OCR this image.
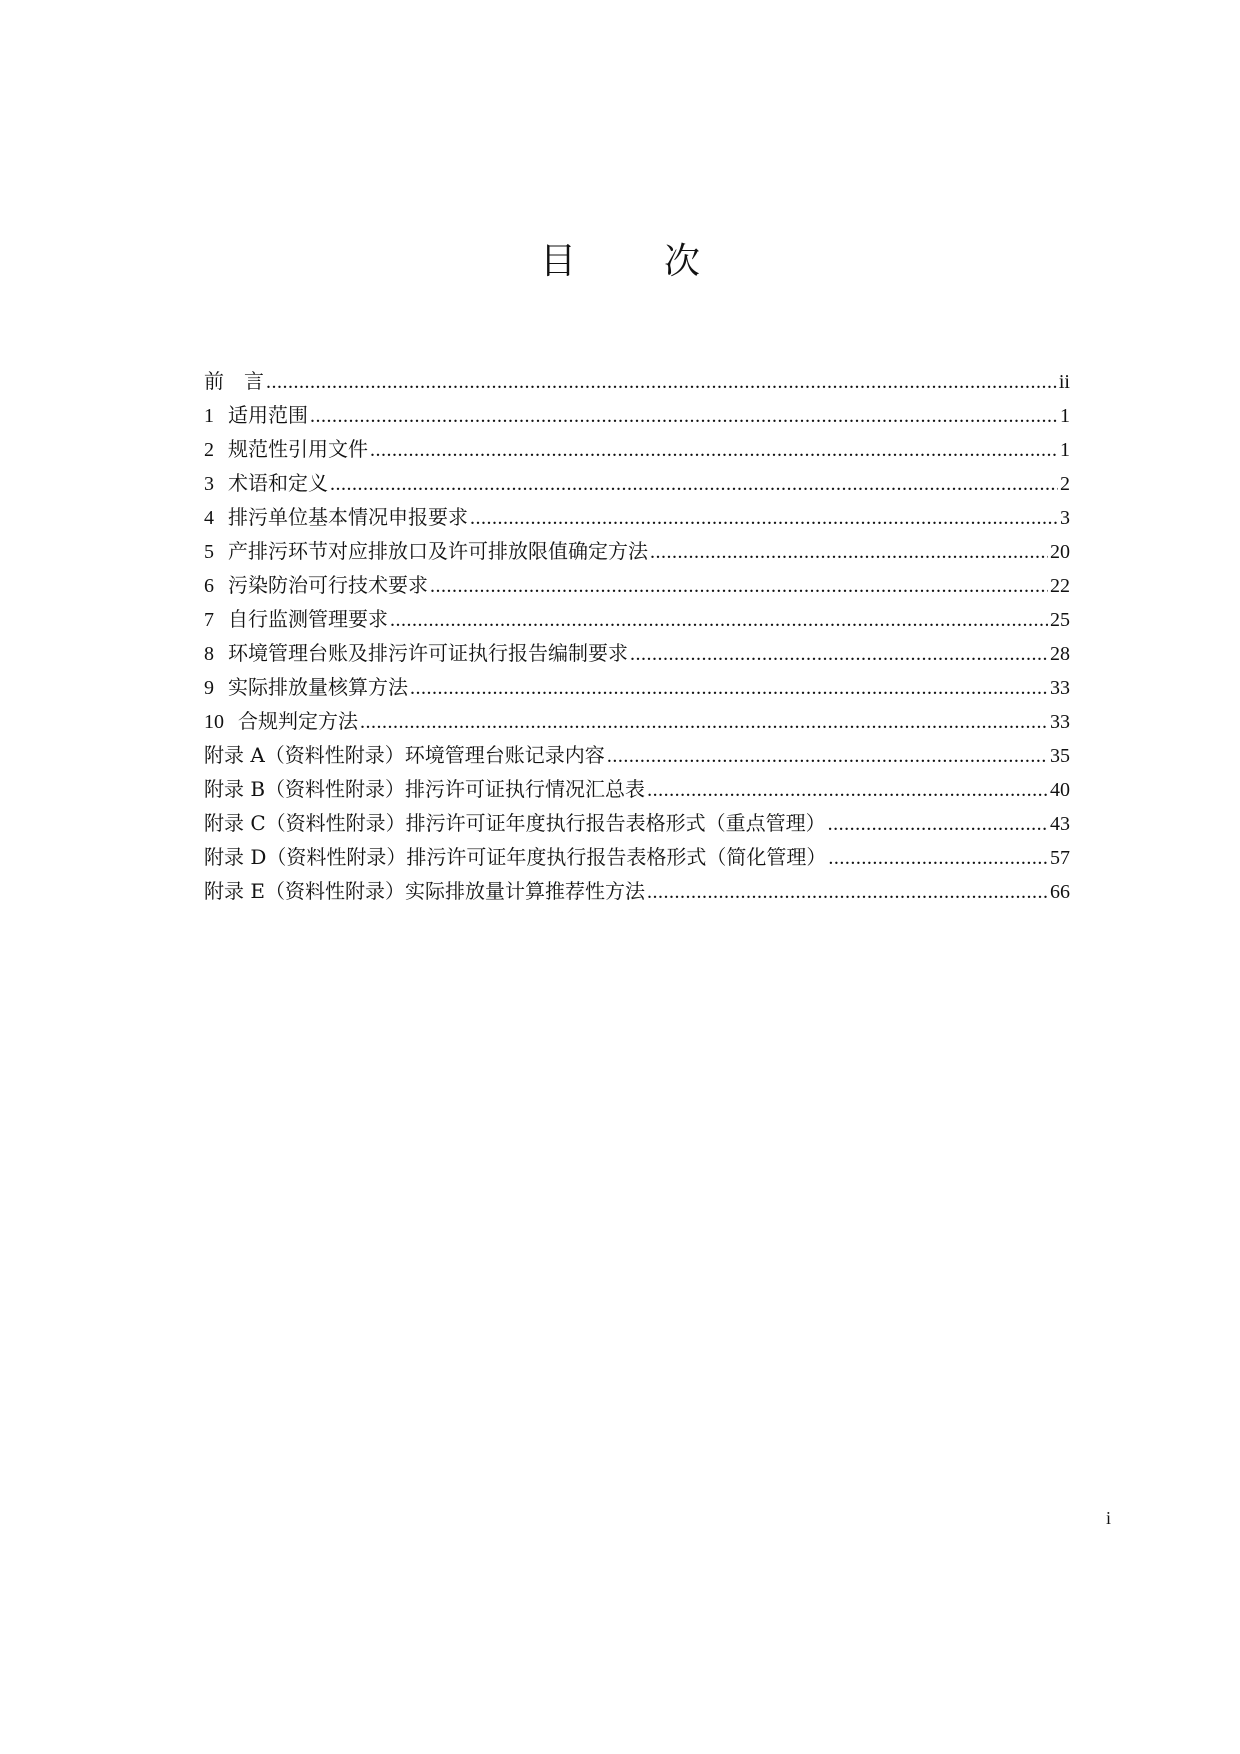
目　次
前　言 .....	ii
1 适用范围 .....	1
2 规范性引用文件 .....	1
3 术语和定义 .....	2
4 排污单位基本情况申报要求 .....	3
5 产排污环节对应排放口及许可排放限值确定方法 .....	20
6 污染防治可行技术要求 .....	22
7 自行监测管理要求 .....	25
8 环境管理台账及排污许可证执行报告编制要求 .....	28
9 实际排放量核算方法 .....	33
10 合规判定方法 .....	33
附录 A（资料性附录）环境管理台账记录内容 .....	35
附录 B（资料性附录）排污许可证执行情况汇总表 .....	40
附录 C（资料性附录）排污许可证年度执行报告表格形式（重点管理） .....	43
附录 D（资料性附录）排污许可证年度执行报告表格形式（简化管理） .....	57
附录 E（资料性附录）实际排放量计算推荐性方法 .....	66
i
